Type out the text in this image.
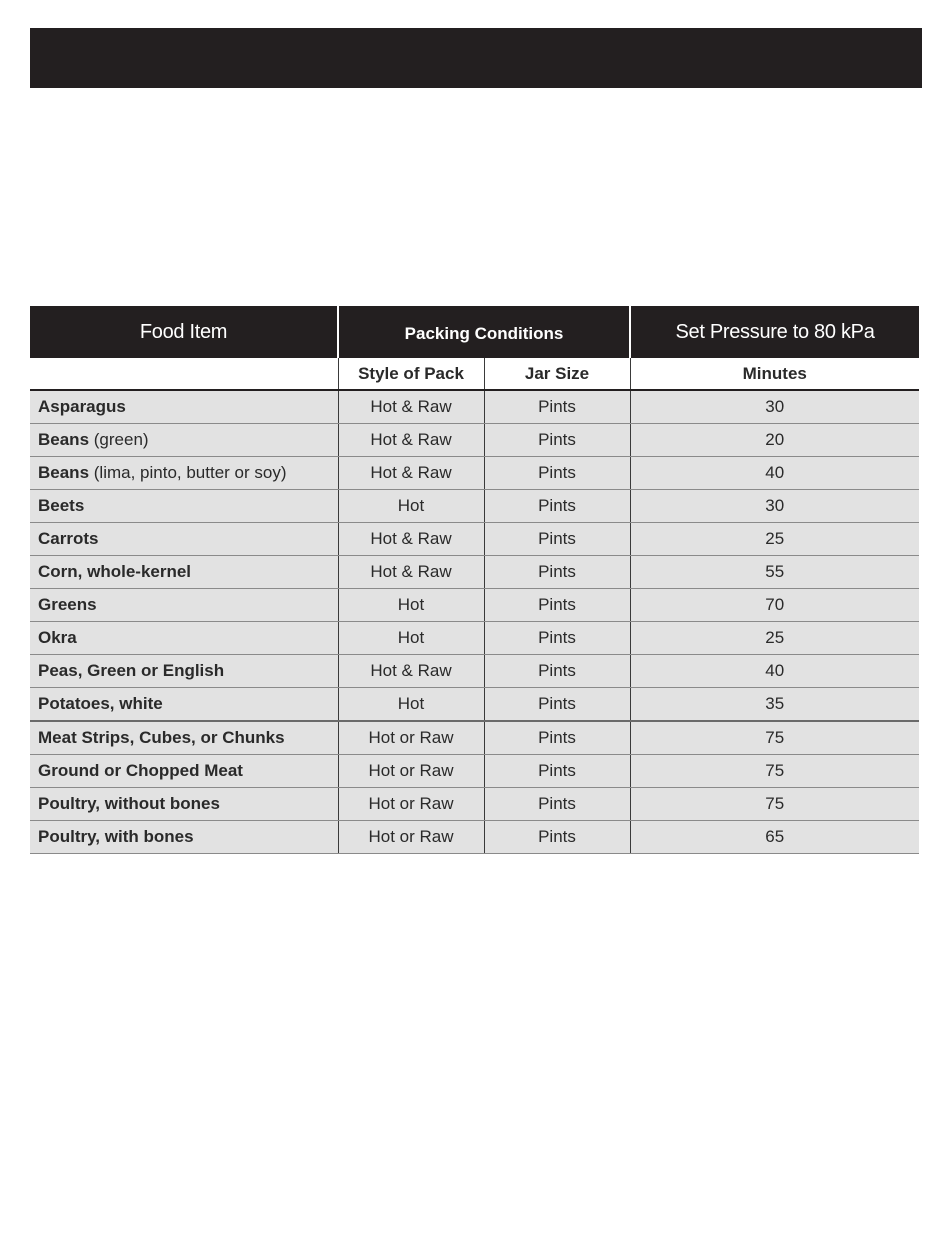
Food Item	Packing Conditions		Set Pressure to 80 kPa
	Style of Pack	Jar Size	Minutes
Asparagus	Hot & Raw	Pints	30
Beans (green)	Hot & Raw	Pints	20
Beans (lima, pinto, butter or soy)	Hot & Raw	Pints	40
Beets	Hot	Pints	30
Carrots	Hot & Raw	Pints	25
Corn, whole-kernel	Hot & Raw	Pints	55
Greens	Hot	Pints	70
Okra	Hot	Pints	25
Peas, Green or English	Hot & Raw	Pints	40
Potatoes, white	Hot	Pints	35
Meat Strips, Cubes, or Chunks	Hot or Raw	Pints	75
Ground or Chopped Meat	Hot or Raw	Pints	75
Poultry, without bones	Hot or Raw	Pints	75
Poultry, with bones	Hot or Raw	Pints	65
